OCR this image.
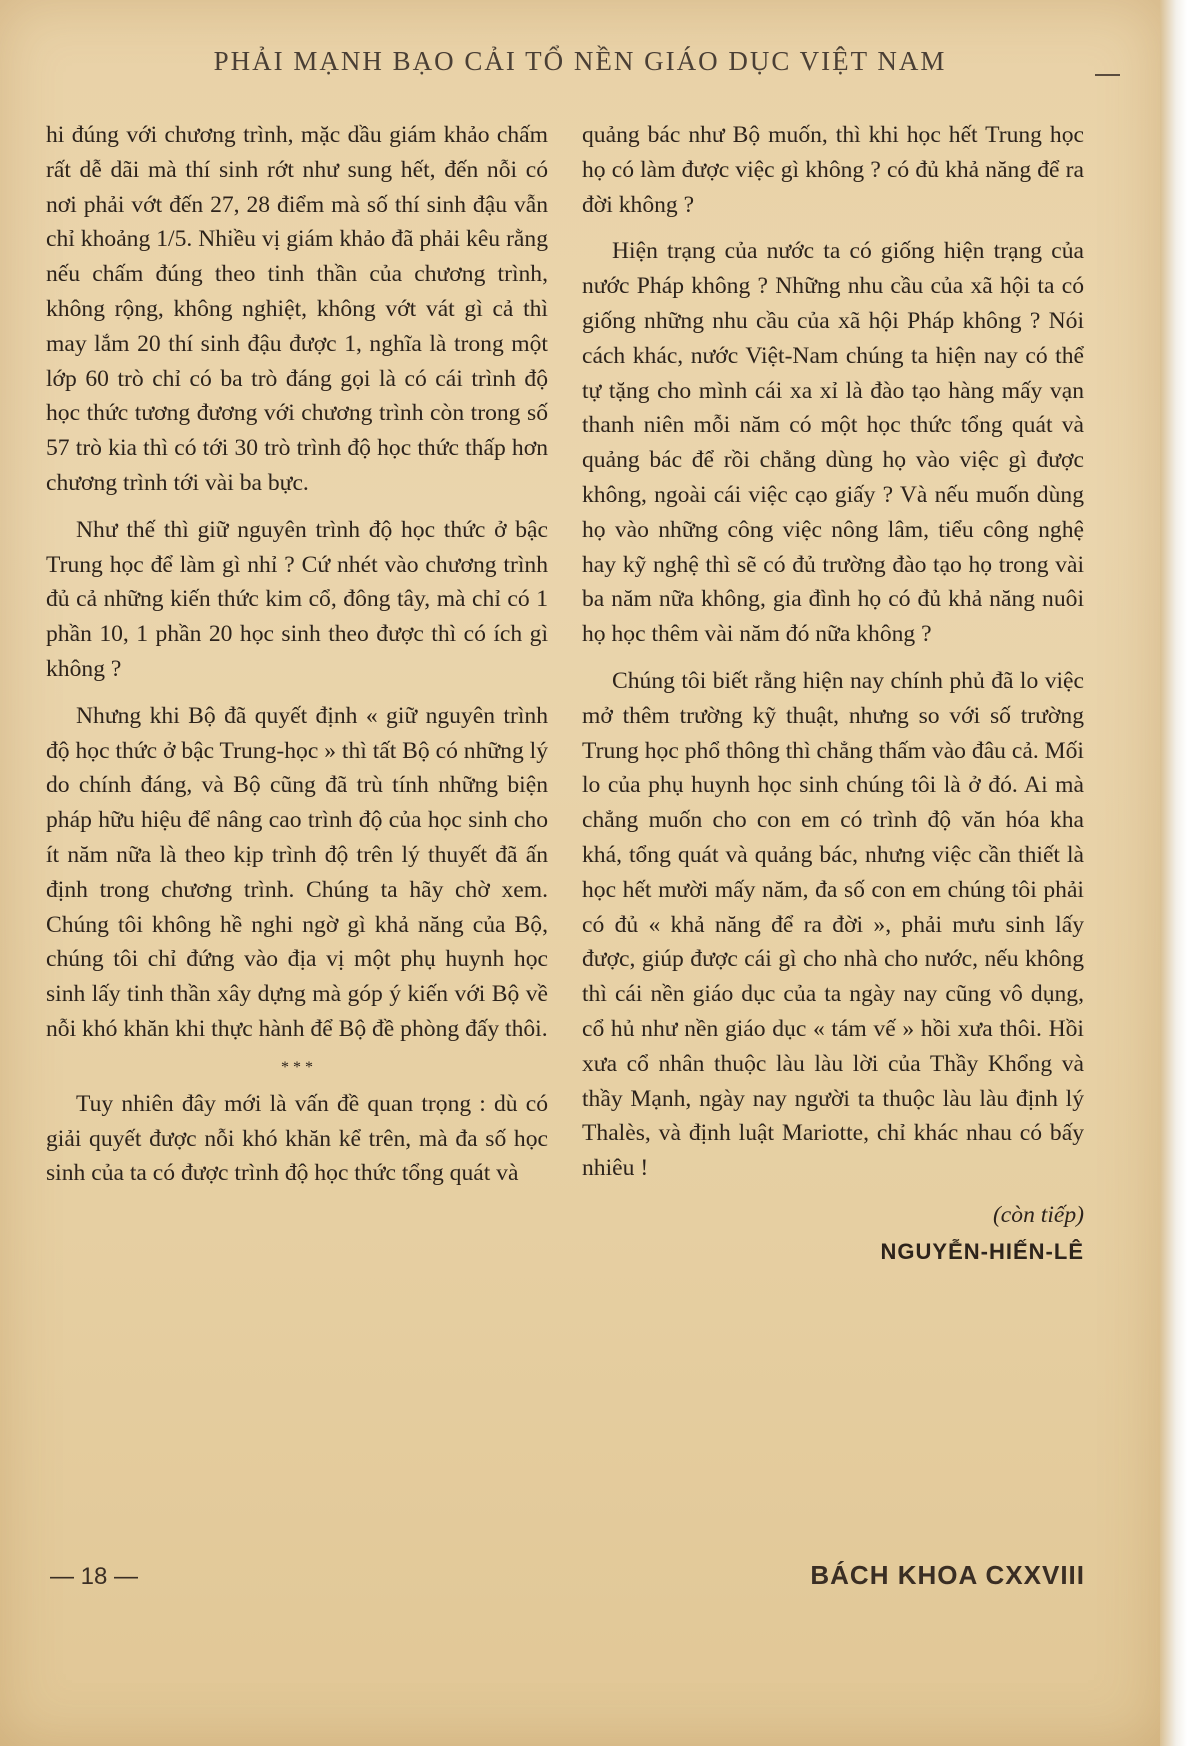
PHẢI MẠNH BẠO CẢI TỔ NỀN GIÁO DỤC VIỆT NAM

hi đúng với chương trình, mặc dầu giám khảo chấm rất dễ dãi mà thí sinh rớt như sung hết, đến nỗi có nơi phải vớt đến 27, 28 điểm mà số thí sinh đậu vẫn chỉ khoảng 1/5. Nhiều vị giám khảo đã phải kêu rằng nếu chấm đúng theo tinh thần của chương trình, không rộng, không nghiệt, không vớt vát gì cả thì may lắm 20 thí sinh đậu được 1, nghĩa là trong một lớp 60 trò chỉ có ba trò đáng gọi là có cái trình độ học thức tương đương với chương trình còn trong số 57 trò kia thì có tới 30 trò trình độ học thức thấp hơn chương trình tới vài ba bực.

Như thế thì giữ nguyên trình độ học thức ở bậc Trung học để làm gì nhỉ ? Cứ nhét vào chương trình đủ cả những kiến thức kim cổ, đông tây, mà chỉ có 1 phần 10, 1 phần 20 học sinh theo được thì có ích gì không ?

Nhưng khi Bộ đã quyết định « giữ nguyên trình độ học thức ở bậc Trung-học » thì tất Bộ có những lý do chính đáng, và Bộ cũng đã trù tính những biện pháp hữu hiệu để nâng cao trình độ của học sinh cho ít năm nữa là theo kịp trình độ trên lý thuyết đã ấn định trong chương trình. Chúng ta hãy chờ xem. Chúng tôi không hề nghi ngờ gì khả năng của Bộ, chúng tôi chỉ đứng vào địa vị một phụ huynh học sinh lấy tinh thần xây dựng mà góp ý kiến với Bộ về nỗi khó khăn khi thực hành để Bộ đề phòng đấy thôi.

* * *

Tuy nhiên đây mới là vấn đề quan trọng : dù có giải quyết được nỗi khó khăn kể trên, mà đa số học sinh của ta có được trình độ học thức tổng quát và

quảng bác như Bộ muốn, thì khi học hết Trung học họ có làm được việc gì không ? có đủ khả năng để ra đời không ?

Hiện trạng của nước ta có giống hiện trạng của nước Pháp không ? Những nhu cầu của xã hội ta có giống những nhu cầu của xã hội Pháp không ? Nói cách khác, nước Việt-Nam chúng ta hiện nay có thể tự tặng cho mình cái xa xỉ là đào tạo hàng mấy vạn thanh niên mỗi năm có một học thức tổng quát và quảng bác để rồi chẳng dùng họ vào việc gì được không, ngoài cái việc cạo giấy ? Và nếu muốn dùng họ vào những công việc nông lâm, tiểu công nghệ hay kỹ nghệ thì sẽ có đủ trường đào tạo họ trong vài ba năm nữa không, gia đình họ có đủ khả năng nuôi họ học thêm vài năm đó nữa không ?

Chúng tôi biết rằng hiện nay chính phủ đã lo việc mở thêm trường kỹ thuật, nhưng so với số trường Trung học phổ thông thì chẳng thấm vào đâu cả. Mối lo của phụ huynh học sinh chúng tôi là ở đó. Ai mà chẳng muốn cho con em có trình độ văn hóa kha khá, tổng quát và quảng bác, nhưng việc cần thiết là học hết mười mấy năm, đa số con em chúng tôi phải có đủ « khả năng để ra đời », phải mưu sinh lấy được, giúp được cái gì cho nhà cho nước, nếu không thì cái nền giáo dục của ta ngày nay cũng vô dụng, cổ hủ như nền giáo dục « tám vế » hồi xưa thôi. Hồi xưa cổ nhân thuộc làu làu lời của Thầy Khổng và thầy Mạnh, ngày nay người ta thuộc làu làu định lý Thalès, và định luật Mariotte, chỉ khác nhau có bấy nhiêu !

(còn tiếp)
NGUYỄN-HIẾN-LÊ
— 18 —	BÁCH KHOA CXXVIII
